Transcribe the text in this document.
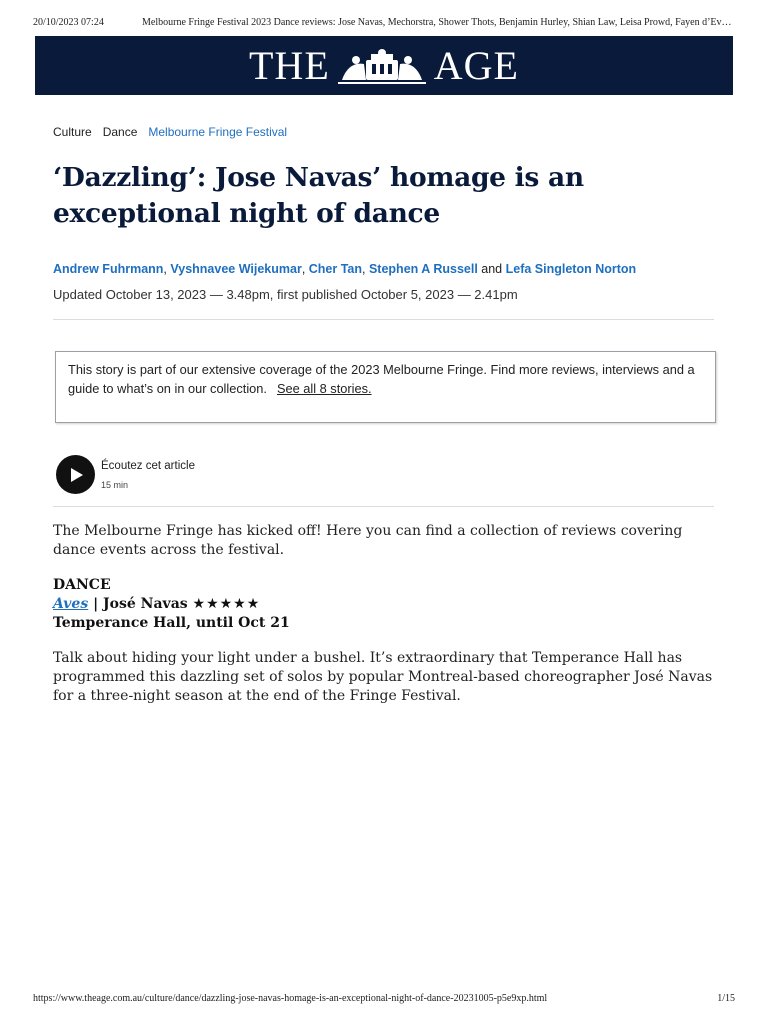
20/10/2023 07:24	Melbourne Fringe Festival 2023 Dance reviews: Jose Navas, Mechorstra, Shower Thots, Benjamin Hurley, Shian Law, Leisa Prowd, Fayen d’Ev…
THE	AGE
Culture Dance Melbourne Fringe Festival
‘Dazzling’: Jose Navas’ homage is an exceptional night of dance
Andrew Fuhrmann, Vyshnavee Wijekumar, Cher Tan, Stephen A Russell and Lefa Singleton Norton
Updated October 13, 2023 — 3.48pm, first published October 5, 2023 — 2.41pm
This story is part of our extensive coverage of the 2023 Melbourne Fringe. Find more reviews, interviews and a guide to what’s on in our collection. See all 8 stories.
Écoutez cet article
15 min

The Melbourne Fringe has kicked off! Here you can find a collection of reviews covering dance events across the festival.

DANCE
Aves | José Navas ★★★★★
Temperance Hall, until Oct 21

Talk about hiding your light under a bushel. It’s extraordinary that Temperance Hall has programmed this dazzling set of solos by popular Montreal-based choreographer José Navas for a three-night season at the end of the Fringe Festival.

https://www.theage.com.au/culture/dance/dazzling-jose-navas-homage-is-an-exceptional-night-of-dance-20231005-p5e9xp.html	1/15
